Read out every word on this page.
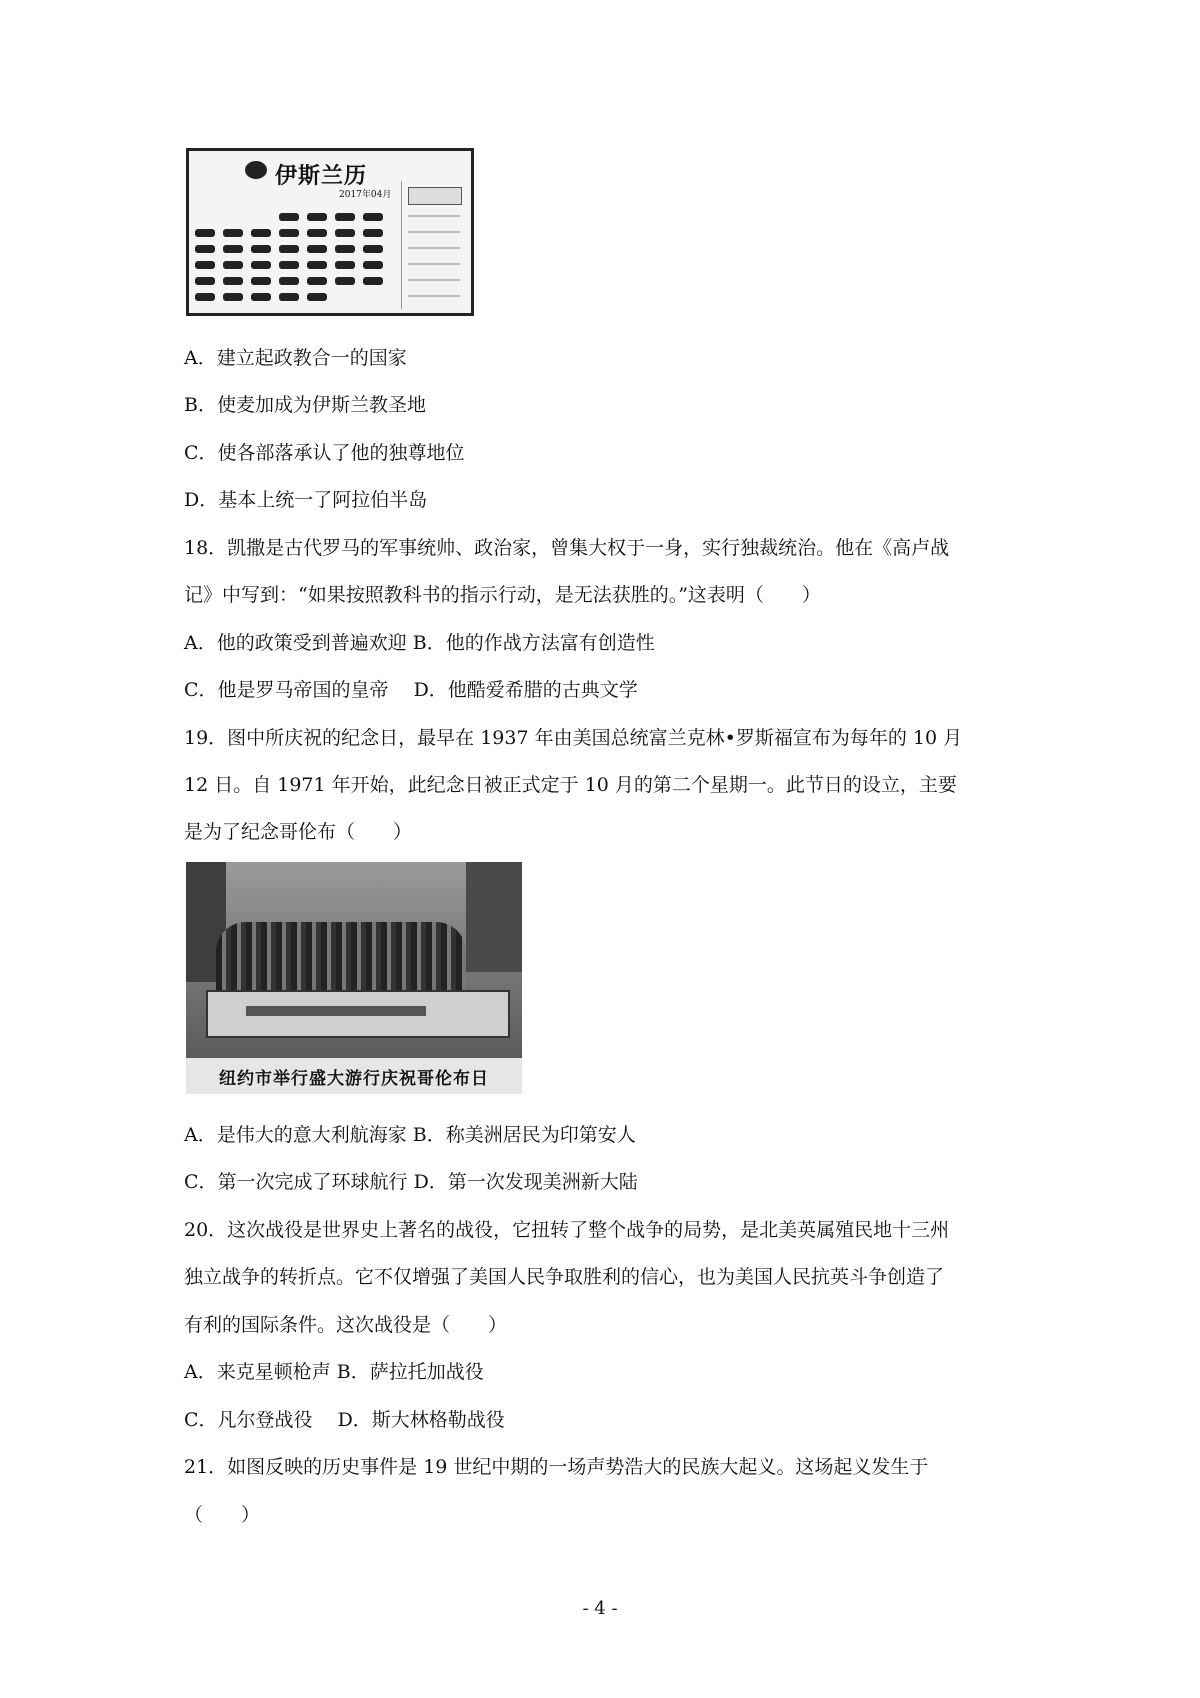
伊斯兰历
2017年04月
A．建立起政教合一的国家
B．使麦加成为伊斯兰教圣地
C．使各部落承认了他的独尊地位
D．基本上统一了阿拉伯半岛
18．凯撒是古代罗马的军事统帅、政治家，曾集大权于一身，实行独裁统治。他在《高卢战
记》中写到：“如果按照教科书的指示行动，是无法获胜的。”这表明（　　）
A．他的政策受到普遍欢迎 B．他的作战方法富有创造性
C．他是罗马帝国的皇帝　 D．他酷爱希腊的古典文学
19．图中所庆祝的纪念日，最早在 1937 年由美国总统富兰克林•罗斯福宣布为每年的 10 月
12 日。自 1971 年开始，此纪念日被正式定于 10 月的第二个星期一。此节日的设立，主要
是为了纪念哥伦布（　　）
纽约市举行盛大游行庆祝哥伦布日
A．是伟大的意大利航海家 B．称美洲居民为印第安人
C．第一次完成了环球航行 D．第一次发现美洲新大陆
20．这次战役是世界史上著名的战役，它扭转了整个战争的局势，是北美英属殖民地十三州
独立战争的转折点。它不仅增强了美国人民争取胜利的信心，也为美国人民抗英斗争创造了
有利的国际条件。这次战役是（　　）
A．来克星顿枪声 B．萨拉托加战役
C．凡尔登战役　 D．斯大林格勒战役
21．如图反映的历史事件是 19 世纪中期的一场声势浩大的民族大起义。这场起义发生于
（　　）
- 4 -
